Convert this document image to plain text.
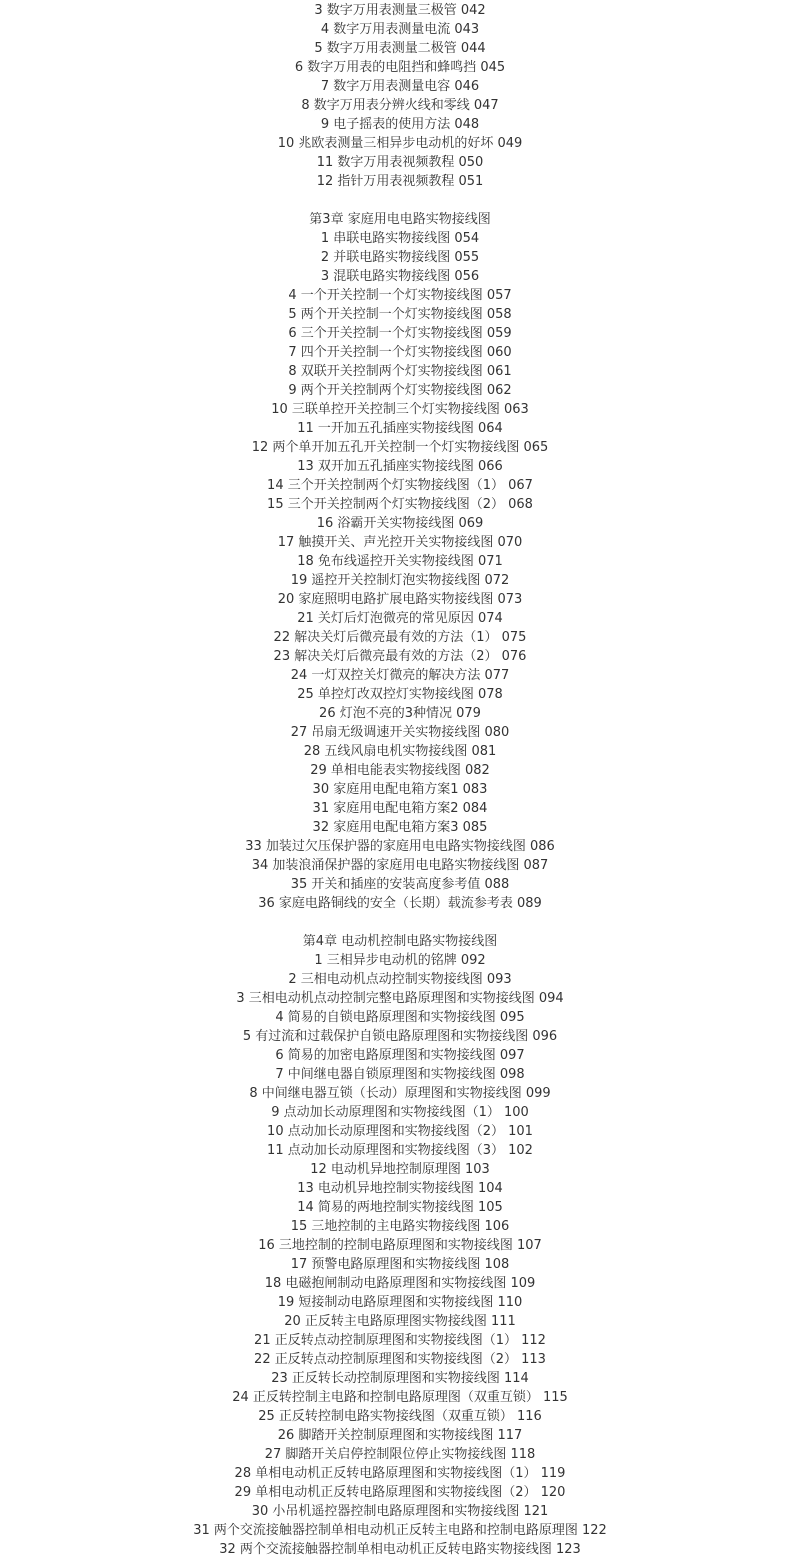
3 数字万用表测量三极管 042
4 数字万用表测量电流 043
5 数字万用表测量二极管 044
6 数字万用表的电阻挡和蜂鸣挡 045
7 数字万用表测量电容 046
8 数字万用表分辨火线和零线 047
9 电子摇表的使用方法 048
10 兆欧表测量三相异步电动机的好坏 049
11 数字万用表视频教程 050
12 指针万用表视频教程 051
第3章 家庭用电电路实物接线图
1 串联电路实物接线图 054
2 并联电路实物接线图 055
3 混联电路实物接线图 056
4 一个开关控制一个灯实物接线图 057
5 两个开关控制一个灯实物接线图 058
6 三个开关控制一个灯实物接线图 059
7 四个开关控制一个灯实物接线图 060
8 双联开关控制两个灯实物接线图 061
9 两个开关控制两个灯实物接线图 062
10 三联单控开关控制三个灯实物接线图 063
11 一开加五孔插座实物接线图 064
12 两个单开加五孔开关控制一个灯实物接线图 065
13 双开加五孔插座实物接线图 066
14 三个开关控制两个灯实物接线图（1） 067
15 三个开关控制两个灯实物接线图（2） 068
16 浴霸开关实物接线图 069
17 触摸开关、声光控开关实物接线图 070
18 免布线遥控开关实物接线图 071
19 遥控开关控制灯泡实物接线图 072
20 家庭照明电路扩展电路实物接线图 073
21 关灯后灯泡微亮的常见原因 074
22 解决关灯后微亮最有效的方法（1） 075
23 解决关灯后微亮最有效的方法（2） 076
24 一灯双控关灯微亮的解决方法 077
25 单控灯改双控灯实物接线图 078
26 灯泡不亮的3种情况 079
27 吊扇无级调速开关实物接线图 080
28 五线风扇电机实物接线图 081
29 单相电能表实物接线图 082
30 家庭用电配电箱方案1 083
31 家庭用电配电箱方案2 084
32 家庭用电配电箱方案3 085
33 加装过欠压保护器的家庭用电电路实物接线图 086
34 加装浪涌保护器的家庭用电电路实物接线图 087
35 开关和插座的安装高度参考值 088
36 家庭电路铜线的安全（长期）载流参考表 089
第4章 电动机控制电路实物接线图
1 三相异步电动机的铭牌 092
2 三相电动机点动控制实物接线图 093
3 三相电动机点动控制完整电路原理图和实物接线图 094
4 简易的自锁电路原理图和实物接线图 095
5 有过流和过载保护自锁电路原理图和实物接线图 096
6 简易的加密电路原理图和实物接线图 097
7 中间继电器自锁原理图和实物接线图 098
8 中间继电器互锁（长动）原理图和实物接线图 099
9 点动加长动原理图和实物接线图（1） 100
10 点动加长动原理图和实物接线图（2） 101
11 点动加长动原理图和实物接线图（3） 102
12 电动机异地控制原理图 103
13 电动机异地控制实物接线图 104
14 简易的两地控制实物接线图 105
15 三地控制的主电路实物接线图 106
16 三地控制的控制电路原理图和实物接线图 107
17 预警电路原理图和实物接线图 108
18 电磁抱闸制动电路原理图和实物接线图 109
19 短接制动电路原理图和实物接线图 110
20 正反转主电路原理图实物接线图 111
21 正反转点动控制原理图和实物接线图（1） 112
22 正反转点动控制原理图和实物接线图（2） 113
23 正反转长动控制原理图和实物接线图 114
24 正反转控制主电路和控制电路原理图（双重互锁） 115
25 正反转控制电路实物接线图（双重互锁） 116
26 脚踏开关控制原理图和实物接线图 117
27 脚踏开关启停控制限位停止实物接线图 118
28 单相电动机正反转电路原理图和实物接线图（1） 119
29 单相电动机正反转电路原理图和实物接线图（2） 120
30 小吊机遥控器控制电路原理图和实物接线图 121
31 两个交流接触器控制单相电动机正反转主电路和控制电路原理图 122
32 两个交流接触器控制单相电动机正反转电路实物接线图 123
